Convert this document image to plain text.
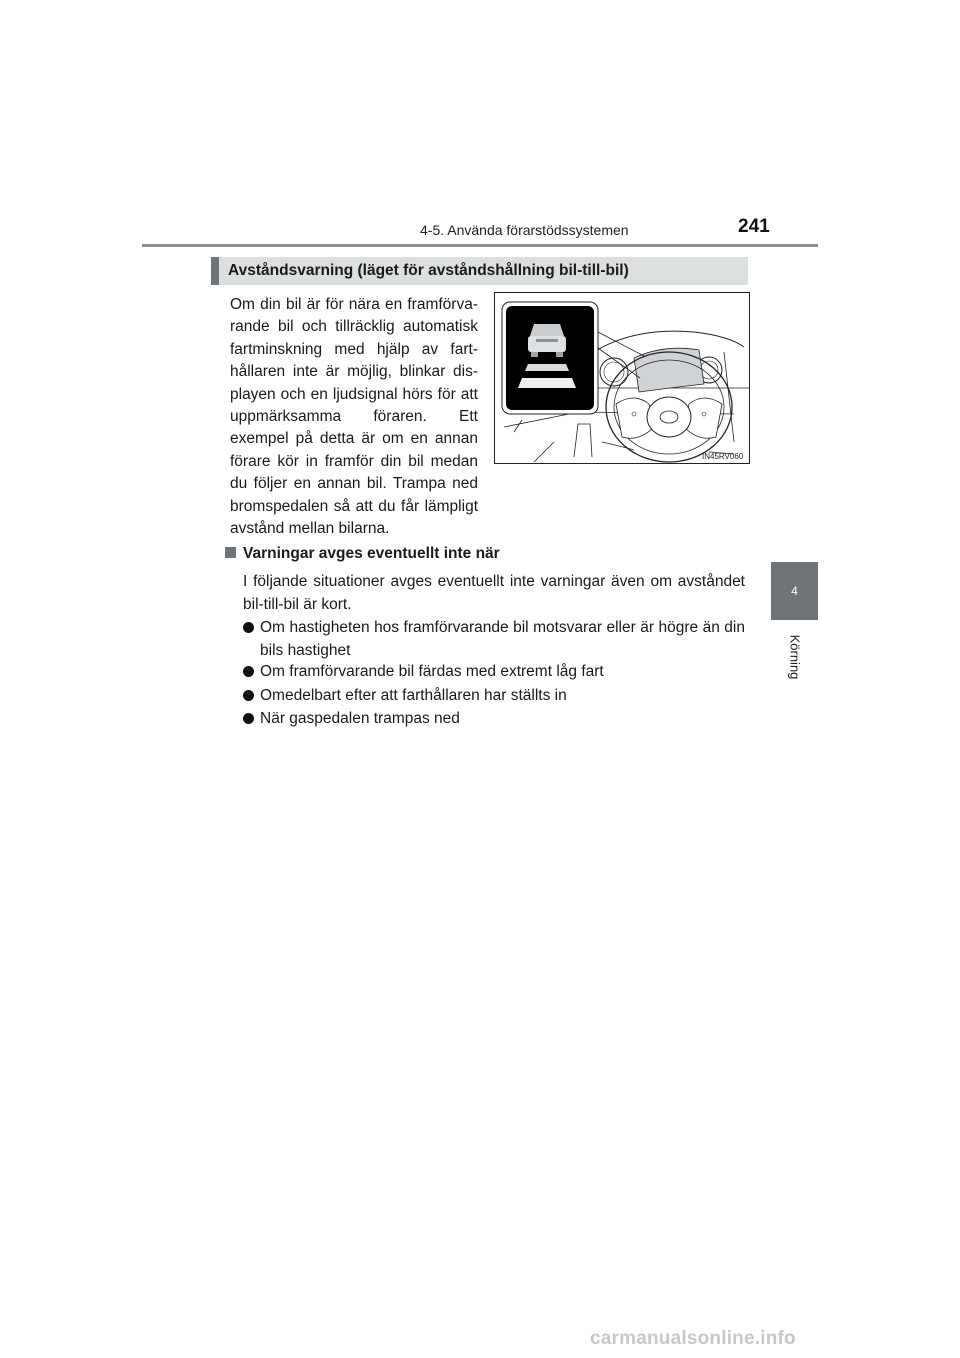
4-5. Använda förarstödssystemen	241
4
Körning
Avståndsvarning (läget för avståndshållning bil-till-bil)
Om din bil är för nära en framförvarande bil och tillräcklig automatisk fartminskning med hjälp av farthållaren inte är möjlig, blinkar displayen och en ljudsignal hörs för att uppmärksamma föraren. Ett exempel på detta är om en annan förare kör in framför din bil medan du följer en annan bil. Trampa ned bromspedalen så att du får lämpligt avstånd mellan bilarna.
IN45RV060
Varningar avges eventuellt inte när
I följande situationer avges eventuellt inte varningar även om avståndet bil-till-bil är kort.
Om hastigheten hos framförvarande bil motsvarar eller är högre än din bils hastighet
Om framförvarande bil färdas med extremt låg fart
Omedelbart efter att farthållaren har ställts in
När gaspedalen trampas ned
carmanualsonline.info
